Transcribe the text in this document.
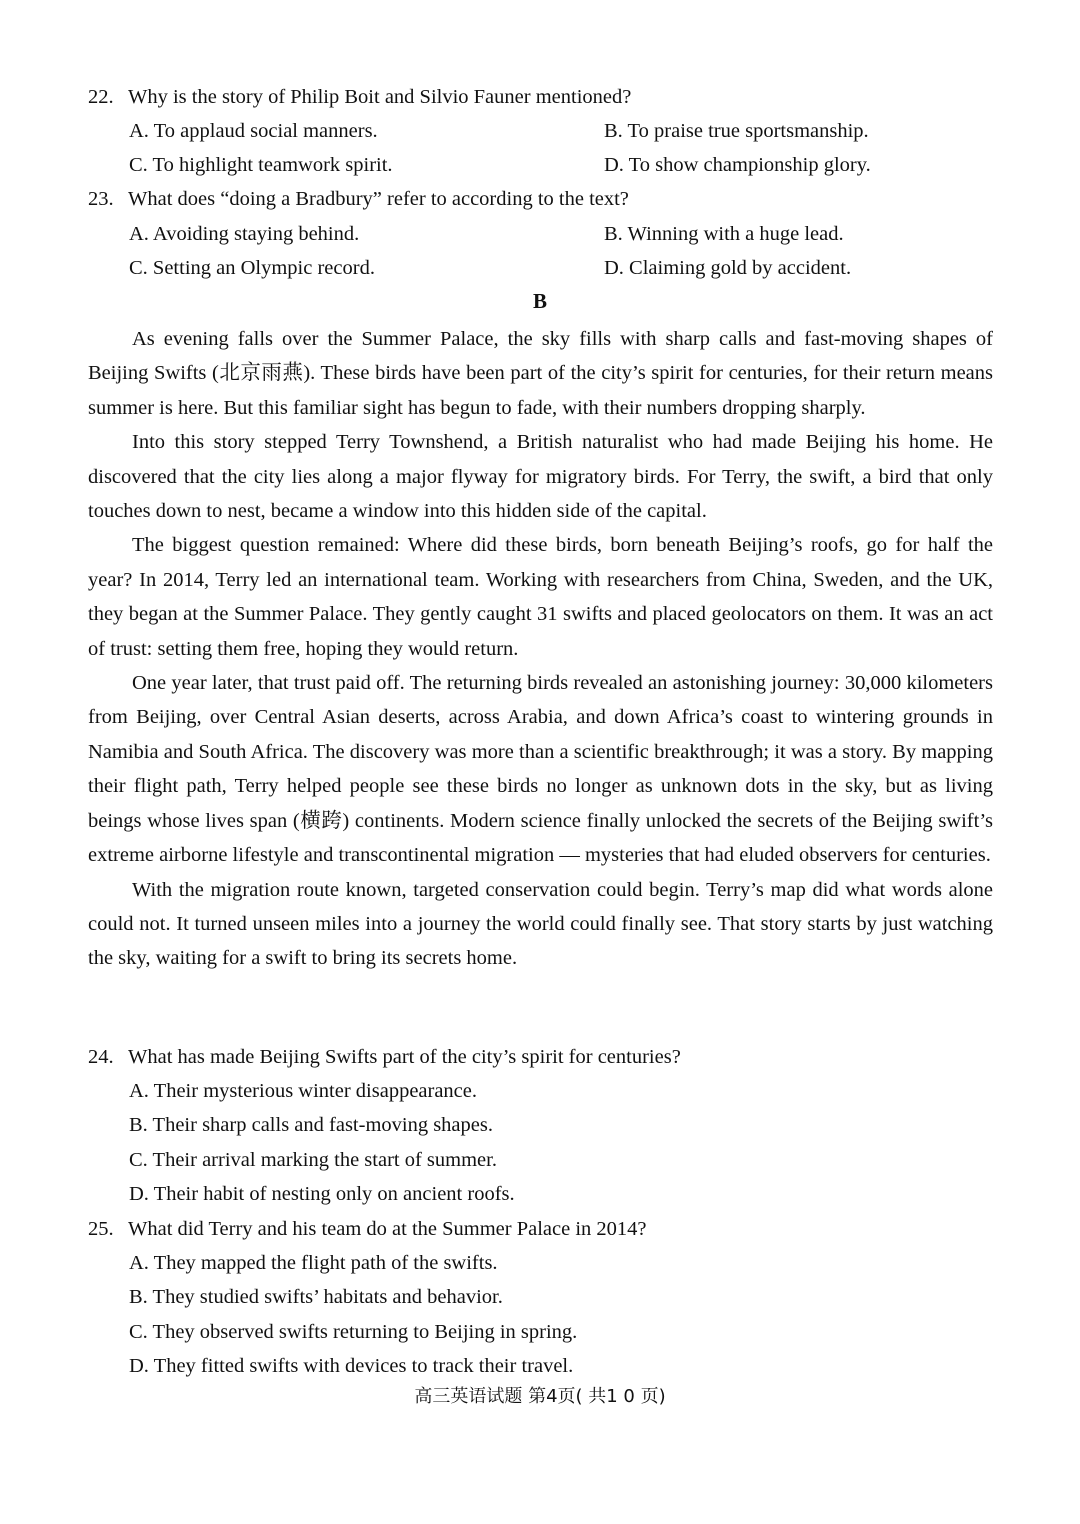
22. Why is the story of Philip Boit and Silvio Fauner mentioned?
A. To applaud social manners.	B. To praise true sportsmanship.
C. To highlight teamwork spirit.	D. To show championship glory.
23. What does “doing a Bradbury” refer to according to the text?
A. Avoiding staying behind.	B. Winning with a huge lead.
C. Setting an Olympic record.	D. Claiming gold by accident.
B

As evening falls over the Summer Palace, the sky fills with sharp calls and fast-moving shapes of Beijing Swifts (北京雨燕). These birds have been part of the city’s spirit for centuries, for their return means summer is here. But this familiar sight has begun to fade, with their numbers dropping sharply.

Into this story stepped Terry Townshend, a British naturalist who had made Beijing his home. He discovered that the city lies along a major flyway for migratory birds. For Terry, the swift, a bird that only touches down to nest, became a window into this hidden side of the capital.

The biggest question remained: Where did these birds, born beneath Beijing’s roofs, go for half the year? In 2014, Terry led an international team. Working with researchers from China, Sweden, and the UK, they began at the Summer Palace. They gently caught 31 swifts and placed geolocators on them. It was an act of trust: setting them free, hoping they would return.

One year later, that trust paid off. The returning birds revealed an astonishing journey: 30,000 kilometers from Beijing, over Central Asian deserts, across Arabia, and down Africa’s coast to wintering grounds in Namibia and South Africa. The discovery was more than a scientific breakthrough; it was a story. By mapping their flight path, Terry helped people see these birds no longer as unknown dots in the sky, but as living beings whose lives span (横跨) continents. Modern science finally unlocked the secrets of the Beijing swift’s extreme airborne lifestyle and transcontinental migration — mysteries that had eluded observers for centuries.

With the migration route known, targeted conservation could begin. Terry’s map did what words alone could not. It turned unseen miles into a journey the world could finally see. That story starts by just watching the sky, waiting for a swift to bring its secrets home.

24. What has made Beijing Swifts part of the city’s spirit for centuries?
A. Their mysterious winter disappearance.
B. Their sharp calls and fast-moving shapes.
C. Their arrival marking the start of summer.
D. Their habit of nesting only on ancient roofs.
25. What did Terry and his team do at the Summer Palace in 2014?
A. They mapped the flight path of the swifts.
B. They studied swifts’ habitats and behavior.
C. They observed swifts returning to Beijing in spring.
D. They fitted swifts with devices to track their travel.
高三英语试题 第4页( 共1 0 页)
